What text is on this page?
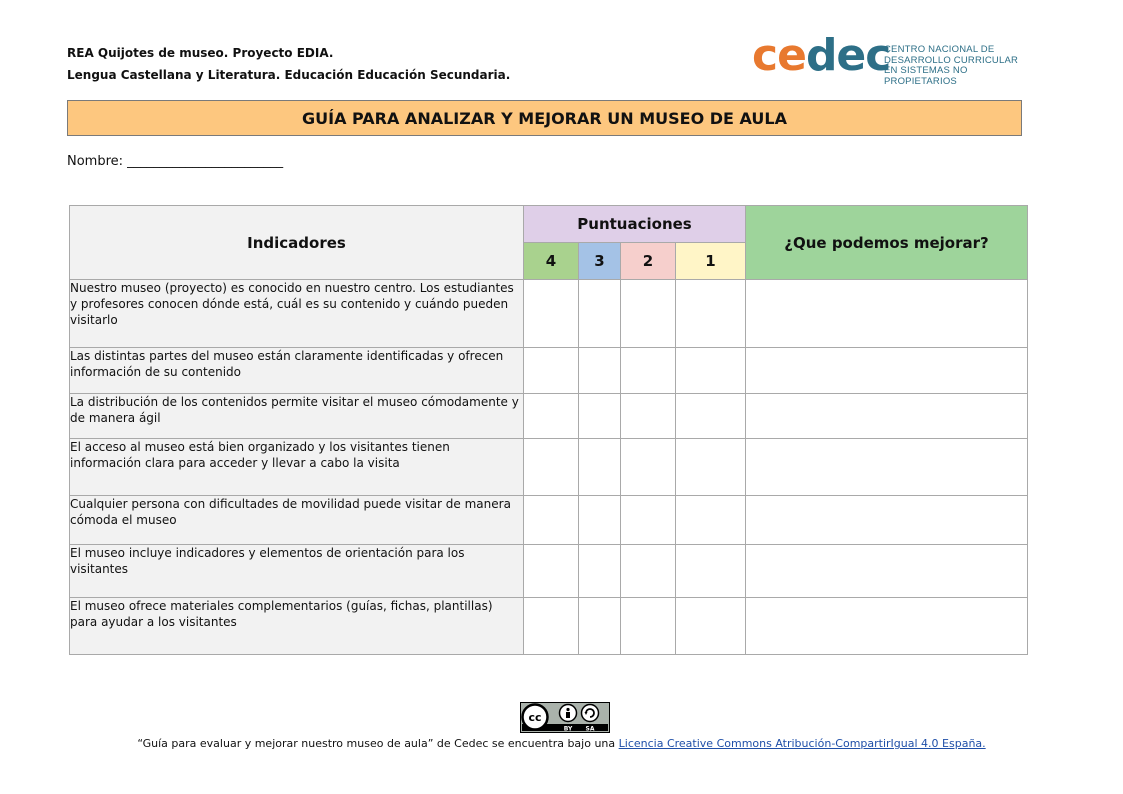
REA Quijotes de museo. Proyecto EDIA.
Lengua Castellana y Literatura. Educación Educación Secundaria.	cedec
CENTRO NACIONAL DE
DESARROLLO CURRICULAR
EN SISTEMAS NO PROPIETARIOS
GUÍA PARA ANALIZAR Y MEJORAR UN MUSEO DE AULA
Nombre: ________________________
Indicadores	Puntuaciones				¿Que podemos mejorar?
	4	3	2	1	
Nuestro museo (proyecto) es conocido en nuestro centro. Los estudiantes y profesores conocen dónde está, cuál es su contenido y cuándo pueden visitarlo					
Las distintas partes del museo están claramente identificadas y ofrecen información de su contenido					
La distribución de los contenidos permite visitar el museo cómodamente y de manera ágil					
El acceso al museo está bien organizado y los visitantes tienen información clara para acceder y llevar a cabo la visita					
Cualquier persona con dificultades de movilidad puede visitar de manera cómoda el museo					
El museo incluye indicadores y elementos de orientación para los visitantes					
El museo ofrece materiales complementarios (guías, fichas, plantillas) para ayudar a los visitantes					
cc
BY SA
“Guía para evaluar y mejorar nuestro museo de aula” de Cedec se encuentra bajo una Licencia Creative Commons Atribución-CompartirIgual 4.0 España.
